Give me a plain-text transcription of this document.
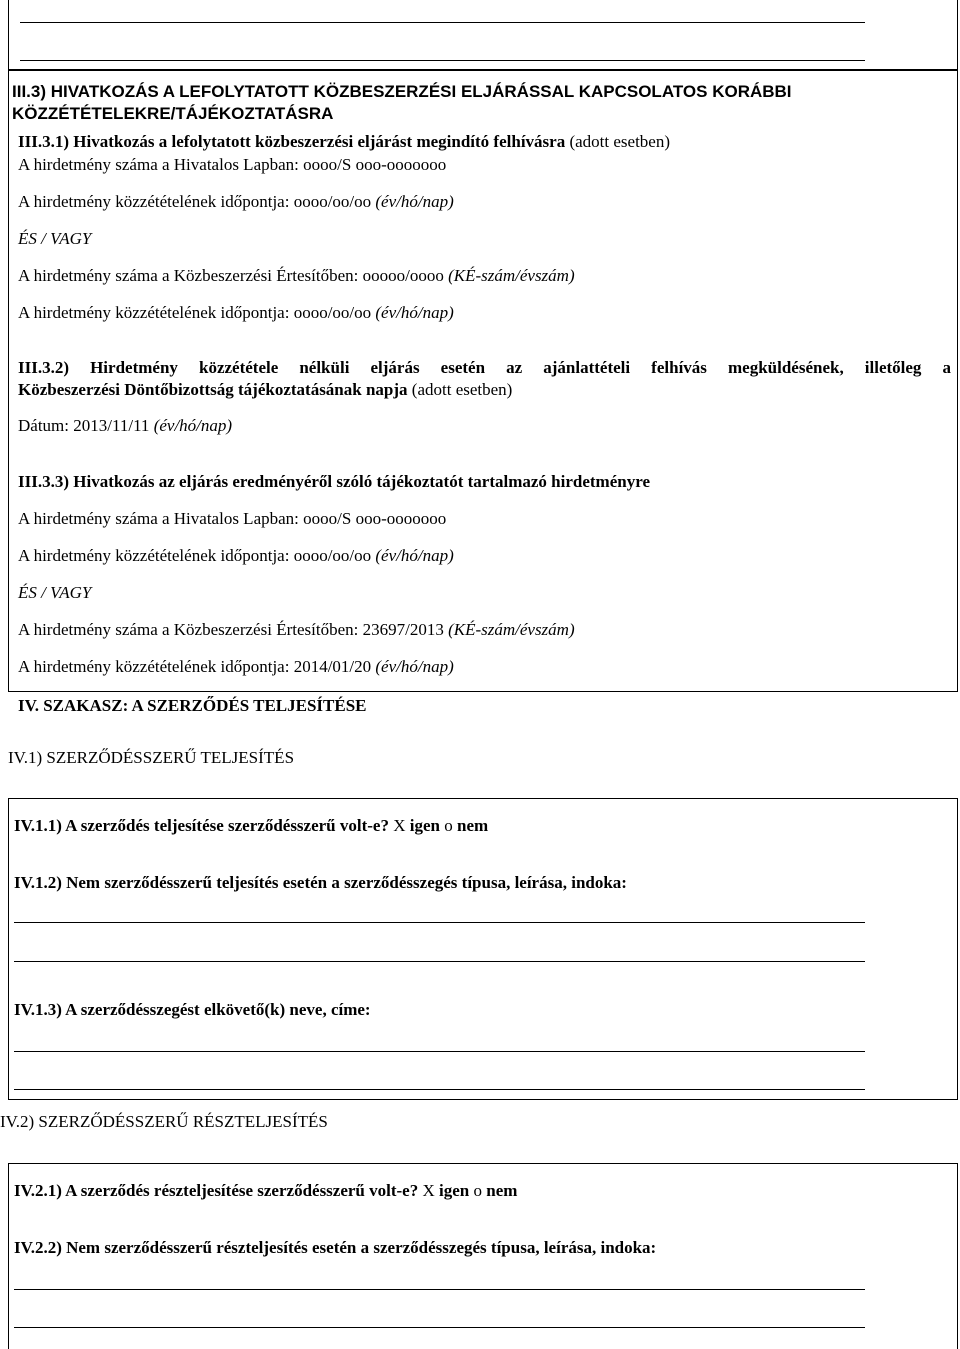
III.3) HIVATKOZÁS A LEFOLYTATOTT KÖZBESZERZÉSI ELJÁRÁSSAL KAPCSOLATOS KORÁBBI
KÖZZÉTÉTELEKRE/TÁJÉKOZTATÁSRA
III.3.1) Hivatkozás a lefolytatott közbeszerzési eljárást megindító felhívásra (adott esetben)
A hirdetmény száma a Hivatalos Lapban: oooo/S ooo-ooooooo
A hirdetmény közzétételének időpontja: oooo/oo/oo (év/hó/nap)
ÉS / VAGY
A hirdetmény száma a Közbeszerzési Értesítőben: ooooo/oooo (KÉ-szám/évszám)
A hirdetmény közzétételének időpontja: oooo/oo/oo (év/hó/nap)
III.3.2) Hirdetmény közzététele nélküli eljárás esetén az ajánlattételi felhívás megküldésének, illetőleg a
Közbeszerzési Döntőbizottság tájékoztatásának napja (adott esetben)
Dátum: 2013/11/11 (év/hó/nap)
III.3.3) Hivatkozás az eljárás eredményéről szóló tájékoztatót tartalmazó hirdetményre
A hirdetmény száma a Hivatalos Lapban: oooo/S ooo-ooooooo
A hirdetmény közzétételének időpontja: oooo/oo/oo (év/hó/nap)
ÉS / VAGY
A hirdetmény száma a Közbeszerzési Értesítőben: 23697/2013 (KÉ-szám/évszám)
A hirdetmény közzétételének időpontja: 2014/01/20 (év/hó/nap)
IV. SZAKASZ: A SZERZŐDÉS TELJESÍTÉSE
IV.1) SZERZŐDÉSSZERŰ TELJESÍTÉS
IV.1.1) A szerződés teljesítése szerződésszerű volt-e? X igen o nem
IV.1.2) Nem szerződésszerű teljesítés esetén a szerződésszegés típusa, leírása, indoka:
IV.1.3) A szerződésszegést elkövető(k) neve, címe:
IV.2) SZERZŐDÉSSZERŰ RÉSZTELJESÍTÉS
IV.2.1) A szerződés részteljesítése szerződésszerű volt-e? X igen o nem
IV.2.2) Nem szerződésszerű részteljesítés esetén a szerződésszegés típusa, leírása, indoka:
